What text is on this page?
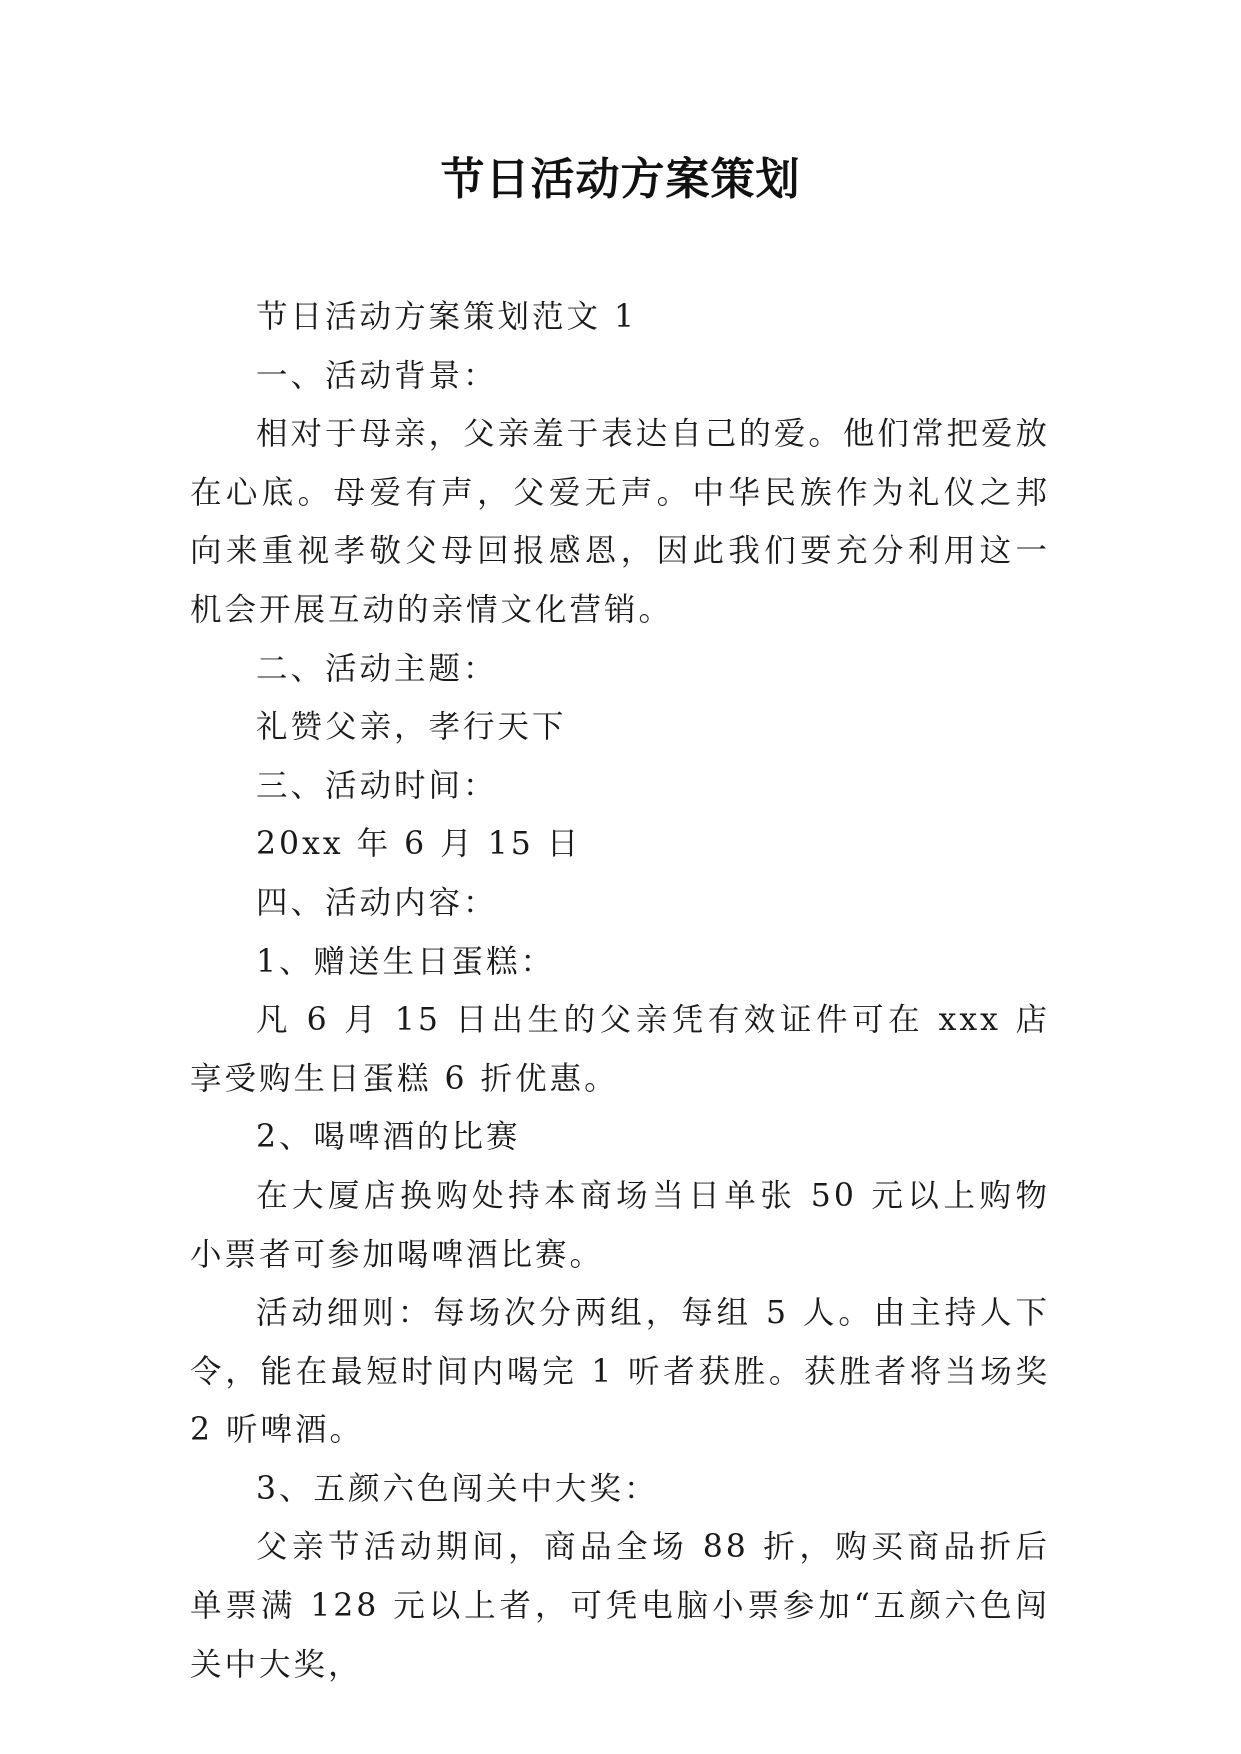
节日活动方案策划

节日活动方案策划范文 1

一、活动背景：

相对于母亲，父亲羞于表达自己的爱。他们常把爱放在心底。母爱有声，父爱无声。中华民族作为礼仪之邦向来重视孝敬父母回报感恩，因此我们要充分利用这一机会开展互动的亲情文化营销。

二、活动主题：

礼赞父亲，孝行天下

三、活动时间：

20xx 年 6 月 15 日

四、活动内容：

1、赠送生日蛋糕：

凡 6 月 15 日出生的父亲凭有效证件可在 xxx 店享受购生日蛋糕 6 折优惠。

2、喝啤酒的比赛

在大厦店换购处持本商场当日单张 50 元以上购物小票者可参加喝啤酒比赛。

活动细则：每场次分两组，每组 5 人。由主持人下令，能在最短时间内喝完 1 听者获胜。获胜者将当场奖 2 听啤酒。

3、五颜六色闯关中大奖：

父亲节活动期间，商品全场 88 折，购买商品折后单票满 128 元以上者，可凭电脑小票参加“五颜六色闯关中大奖，
